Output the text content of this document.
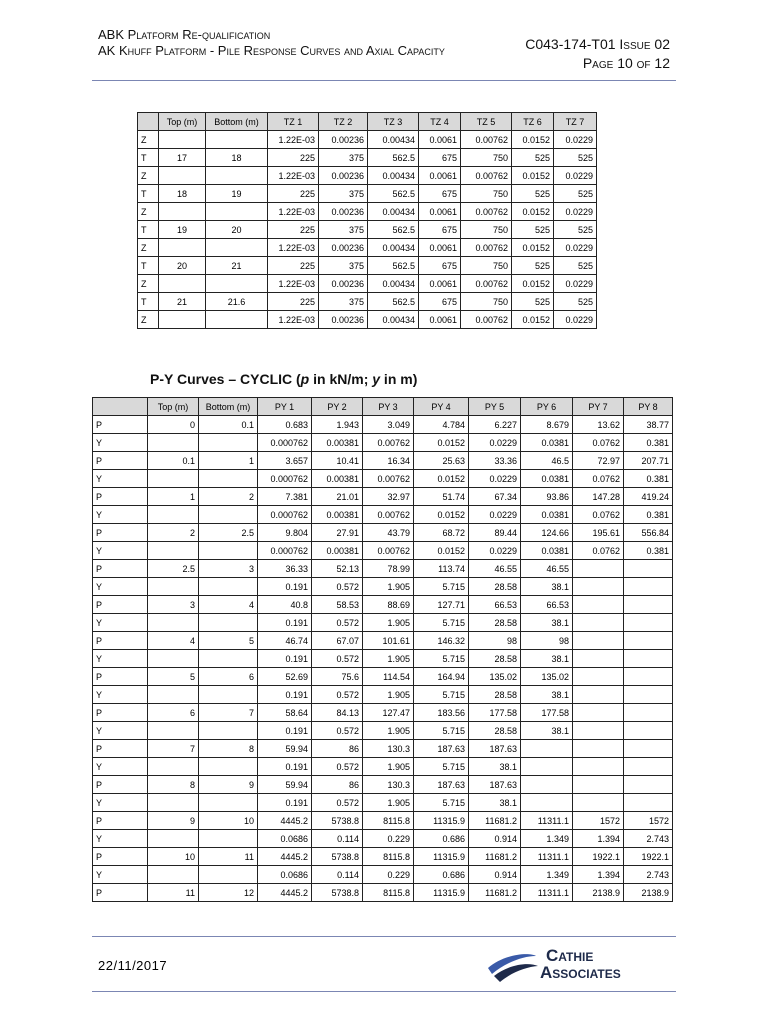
ABK Platform Re-qualification
AK Khuff Platform - Pile Response Curves and Axial Capacity	C043-174-T01 Issue 02
Page 10 of 12
	Top (m)	Bottom (m)	TZ 1	TZ 2	TZ 3	TZ 4	TZ 5	TZ 6	TZ 7
Z			1.22E-03	0.00236	0.00434	0.0061	0.00762	0.0152	0.0229
T	17	18	225	375	562.5	675	750	525	525
Z			1.22E-03	0.00236	0.00434	0.0061	0.00762	0.0152	0.0229
T	18	19	225	375	562.5	675	750	525	525
Z			1.22E-03	0.00236	0.00434	0.0061	0.00762	0.0152	0.0229
T	19	20	225	375	562.5	675	750	525	525
Z			1.22E-03	0.00236	0.00434	0.0061	0.00762	0.0152	0.0229
T	20	21	225	375	562.5	675	750	525	525
Z			1.22E-03	0.00236	0.00434	0.0061	0.00762	0.0152	0.0229
T	21	21.6	225	375	562.5	675	750	525	525
Z			1.22E-03	0.00236	0.00434	0.0061	0.00762	0.0152	0.0229
P-Y Curves – CYCLIC (p in kN/m; y in m)
	Top (m)	Bottom (m)	PY 1	PY 2	PY 3	PY 4	PY 5	PY 6	PY 7	PY 8
P	0	0.1	0.683	1.943	3.049	4.784	6.227	8.679	13.62	38.77
Y			0.000762	0.00381	0.00762	0.0152	0.0229	0.0381	0.0762	0.381
P	0.1	1	3.657	10.41	16.34	25.63	33.36	46.5	72.97	207.71
Y			0.000762	0.00381	0.00762	0.0152	0.0229	0.0381	0.0762	0.381
P	1	2	7.381	21.01	32.97	51.74	67.34	93.86	147.28	419.24
Y			0.000762	0.00381	0.00762	0.0152	0.0229	0.0381	0.0762	0.381
P	2	2.5	9.804	27.91	43.79	68.72	89.44	124.66	195.61	556.84
Y			0.000762	0.00381	0.00762	0.0152	0.0229	0.0381	0.0762	0.381
P	2.5	3	36.33	52.13	78.99	113.74	46.55	46.55		
Y			0.191	0.572	1.905	5.715	28.58	38.1		
P	3	4	40.8	58.53	88.69	127.71	66.53	66.53		
Y			0.191	0.572	1.905	5.715	28.58	38.1		
P	4	5	46.74	67.07	101.61	146.32	98	98		
Y			0.191	0.572	1.905	5.715	28.58	38.1		
P	5	6	52.69	75.6	114.54	164.94	135.02	135.02		
Y			0.191	0.572	1.905	5.715	28.58	38.1		
P	6	7	58.64	84.13	127.47	183.56	177.58	177.58		
Y			0.191	0.572	1.905	5.715	28.58	38.1		
P	7	8	59.94	86	130.3	187.63	187.63			
Y			0.191	0.572	1.905	5.715	38.1			
P	8	9	59.94	86	130.3	187.63	187.63			
Y			0.191	0.572	1.905	5.715	38.1			
P	9	10	4445.2	5738.8	8115.8	11315.9	11681.2	11311.1	1572	1572
Y			0.0686	0.114	0.229	0.686	0.914	1.349	1.394	2.743
P	10	11	4445.2	5738.8	8115.8	11315.9	11681.2	11311.1	1922.1	1922.1
Y			0.0686	0.114	0.229	0.686	0.914	1.349	1.394	2.743
P	11	12	4445.2	5738.8	8115.8	11315.9	11681.2	11311.1	2138.9	2138.9
22/11/2017
Cathie
Associates
